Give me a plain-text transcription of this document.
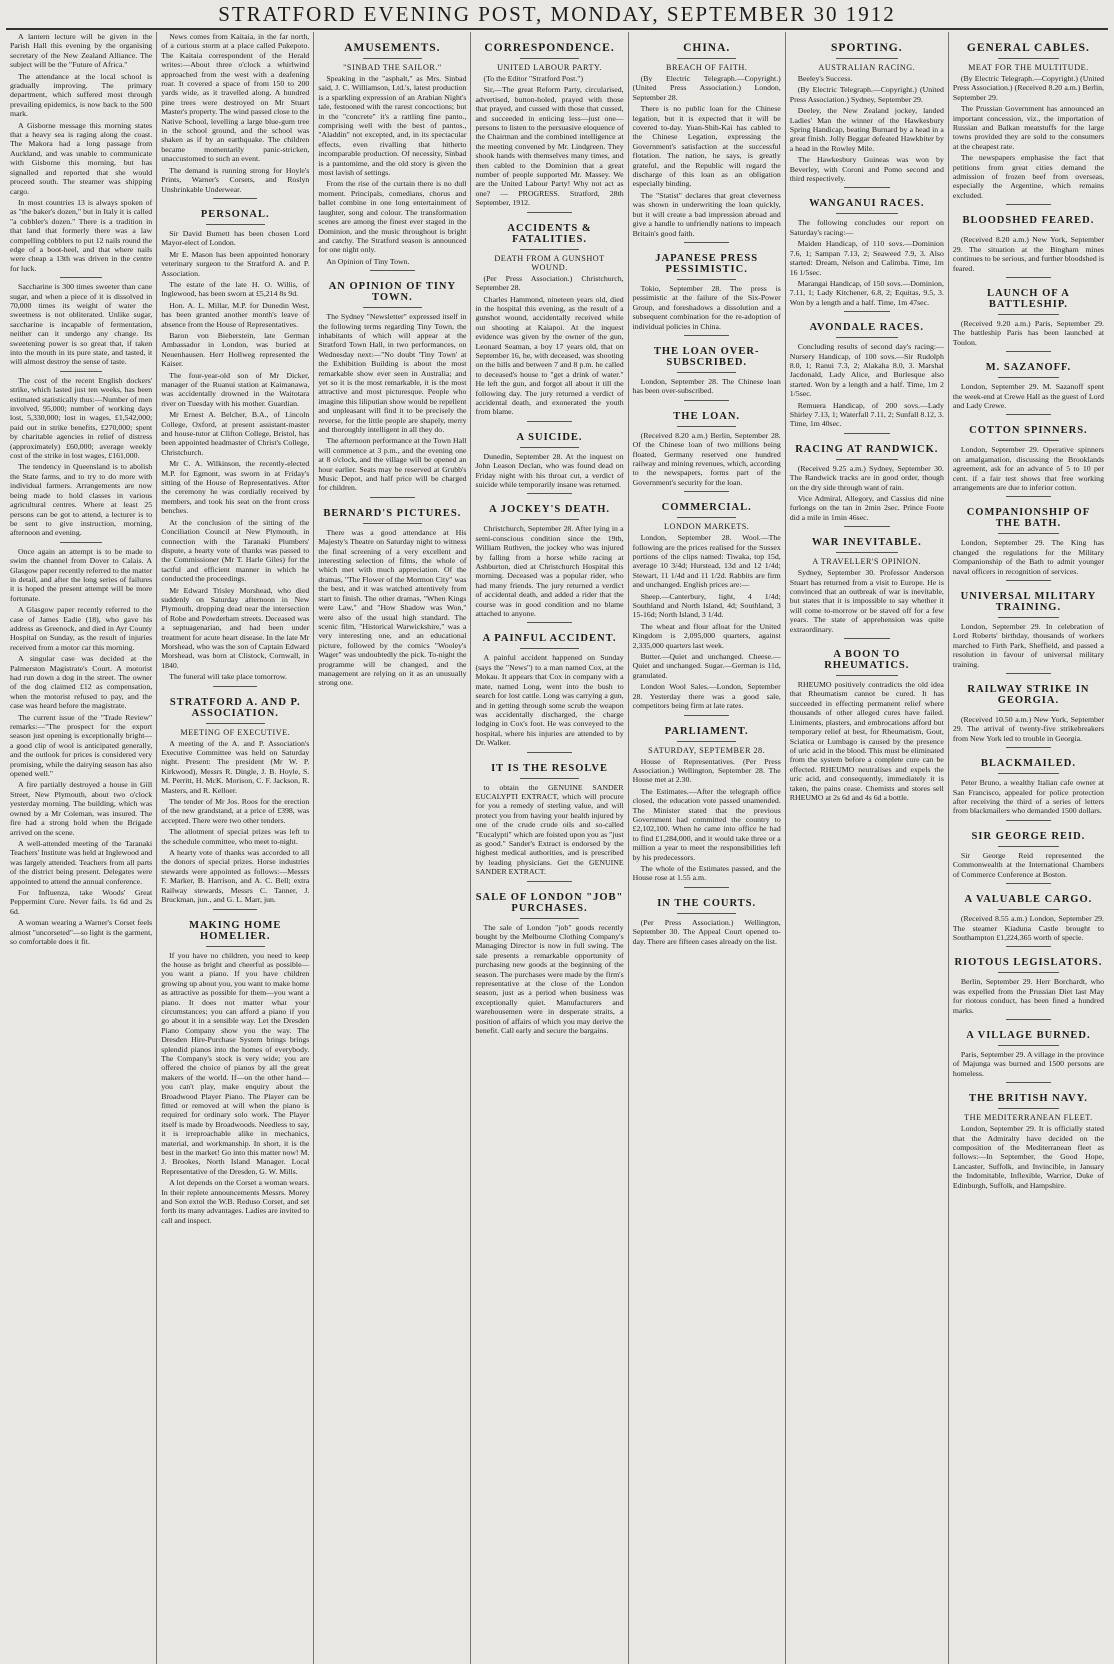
STRATFORD EVENING POST, MONDAY, SEPTEMBER 30 1912

A lantern lecture will be given in the Parish Hall this evening by the organising secretary of the New Zealand Alliance. The subject will be the "Future of Africa."

The attendance at the local school is gradually improving. The primary department, which suffered most through prevailing epidemics, is now back to the 500 mark.

A Gisborne message this morning states that a heavy sea is raging along the coast. The Makora had a long passage from Auckland, and was unable to communicate with Gisborne this morning, but has signalled and reported that she would proceed south. The steamer was shipping cargo.

In most countries 13 is always spoken of as "the baker's dozen," but in Italy it is called "a cobbler's dozen." There is a tradition in that land that formerly there was a law compelling cobblers to put 12 nails round the edge of a boot-heel, and that where nails were cheap a 13th was driven in the centre for luck.

Saccharine is 300 times sweeter than cane sugar, and when a piece of it is dissolved in 70,000 times its weight of water the sweetness is not obliterated. Unlike sugar, saccharine is incapable of fermentation, neither can it undergo any change. Its sweetening power is so great that, if taken into the mouth in its pure state, and tasted, it will almost destroy the sense of taste.

The cost of the recent English dockers' strike, which lasted just ten weeks, has been estimated statistically thus:—Number of men involved, 95,000; number of working days lost, 5,330,000; lost in wages, £1,542,000; paid out in strike benefits, £270,000; spent by charitable agencies in relief of distress (approximately) £60,000; average weekly cost of the strike in lost wages, £161,000.

The tendency in Queensland is to abolish the State farms, and to try to do more with individual farmers. Arrangements are now being made to hold classes in various agricultural centres. Where at least 25 persons can be got to attend, a lecturer is to be sent to give instruction, morning, afternoon and evening.

Once again an attempt is to be made to swim the channel from Dover to Calais. A Glasgow paper recently referred to the matter in detail, and after the long series of failures it is hoped the present attempt will be more fortunate.

A Glasgow paper recently referred to the case of James Eadie (18), who gave his address as Greenock, and died in Ayr County Hospital on Sunday, as the result of injuries received from a motor car this morning.

A singular case was decided at the Palmerston Magistrate's Court. A motorist had run down a dog in the street. The owner of the dog claimed £12 as compensation, when the motorist refused to pay, and the case was heard before the magistrate.

The current issue of the "Trade Review" remarks:—"The prospect for the export season just opening is exceptionally bright—a good clip of wool is anticipated generally, and the outlook for prices is considered very promising, while the dairying season has also opened well."

A fire partially destroyed a house in Gill Street, New Plymouth, about two o'clock yesterday morning. The building, which was owned by a Mr Coleman, was insured. The fire had a strong hold when the Brigade arrived on the scene.

A well-attended meeting of the Taranaki Teachers' Institute was held at Inglewood and was largely attended. Teachers from all parts of the district being present. Delegates were appointed to attend the annual conference.

For Influenza, take Woods' Great Peppermint Cure. Never fails. 1s 6d and 2s 6d.

A woman wearing a Warner's Corset feels almost "uncorseted"—so light is the garment, so comfortable does it fit.

News comes from Kaitaia, in the far north, of a curious storm at a place called Pukepoto. The Kaitaia correspondent of the Herald writes:—About three o'clock a whirlwind approached from the west with a deafening roar. It covered a space of from 150 to 200 yards wide, as it travelled along. A hundred pine trees were destroyed on Mr Stuart Master's property. The wind passed close to the Native School, levelling a large blue-gum tree in the school ground, and the school was shaken as if by an earthquake. The children became momentarily panic-stricken, unaccustomed to such an event.

The demand is running strong for Hoyle's Prints, Warner's Corsets, and Roslyn Unshrinkable Underwear.

PERSONAL.

Sir David Burnett has been chosen Lord Mayor-elect of London.

Mr E. Mason has been appointed honorary veterinary surgeon to the Stratford A. and P. Association.

The estate of the late H. O. Willis, of Inglewood, has been sworn at £5,214 8s 9d.

Hon. A. L. Millar, M.P. for Dunedin West, has been granted another month's leave of absence from the House of Representatives.

Baron von Bieberstein, late German Ambassador in London, was buried at Neuenhausen. Herr Hollweg represented the Kaiser.

The four-year-old son of Mr Dicker, manager of the Ruanui station at Kaimanawa, was accidentally drowned in the Waitotara river on Tuesday with his mother. Guardian.

Mr Ernest A. Belcher, B.A., of Lincoln College, Oxford, at present assistant-master and house-tutor at Clifton College, Bristol, has been appointed headmaster of Christ's College, Christchurch.

Mr C. A. Wilkinson, the recently-elected M.P. for Egmont, was sworn in at Friday's sitting of the House of Representatives. After the ceremony he was cordially received by members, and took his seat on the front cross benches.

At the conclusion of the sitting of the Conciliation Council at New Plymouth, in connection with the Taranaki Plumbers' dispute, a hearty vote of thanks was passed to the Commissioner (Mr T. Harle Giles) for the tactful and efficient manner in which he conducted the proceedings.

Mr Edward Trisley Morshead, who died suddenly on Saturday afternoon in New Plymouth, dropping dead near the intersection of Robe and Powderham streets. Deceased was a septuagenarian, and had been under treatment for acute heart disease. In the late Mr Morshead, who was the son of Captain Edward Morshead, was born at Clistock, Cornwall, in 1840.

The funeral will take place tomorrow.

STRATFORD A. AND P. ASSOCIATION.
MEETING OF EXECUTIVE.

A meeting of the A. and P. Association's Executive Committee was held on Saturday night. Present: The president (Mr W. P. Kirkwood), Messrs R. Dingle, J. B. Hoyle, S. M. Perritt, H. McK. Morison, C. F. Jackson, R. Masters, and R. Kelloer.

The tender of Mr Jos. Roos for the erection of the new grandstand, at a price of £398, was accepted. There were two other tenders.

The allotment of special prizes was left to the schedule committee, who meet to-night.

A hearty vote of thanks was accorded to all the donors of special prizes. Horse industries stewards were appointed as follows:—Messrs F. Marker, B. Harrison, and A. C. Bell; extra Railway stewards, Messrs C. Tanner, J. Bruckman, jun., and G. L. Marr, jun.

MAKING HOME HOMELIER.

If you have no children, you need to keep the house as bright and cheerful as possible—you want a piano. If you have children growing up about you, you want to make home as attractive as possible for them—you want a piano. It does not matter what your circumstances; you can afford a piano if you go about it in a sensible way. Let the Dresden Piano Company show you the way. The Dresden Hire-Purchase System brings brings splendid pianos into the homes of everybody. The Company's stock is very wide; you are offered the choice of pianos by all the great makers of the world. If—on the other hand—you can't play, make enquiry about the Broadwood Player Piano. The Player can be fitted or removed at will when the piano is required for ordinary solo work. The Player itself is made by Broadwoods. Needless to say, it is irreproachable alike in mechanics, material, and workmanship. In short, it is the best in the market! Go into this matter now! M. J. Brookes, North Island Manager. Local Representative of the Dresden, G. W. Mills.

A lot depends on the Corset a woman wears. In their replete announcements Messrs. Morey and Son extol the W.B. Reduso Corset, and set forth its many advantages. Ladies are invited to call and inspect.

AMUSEMENTS.
"SINBAD THE SAILOR."

Speaking in the "asphalt," as Mrs. Sinbad said, J. C. Williamson, Ltd.'s, latest production is a sparkling expression of an Arabian Night's tale, festooned with the rarest concoctions; but in the "concrete" it's a rattling fine panto., comprising well with the best of pantos., "Aladdin" not excepted, and, in its spectacular effects, even rivalling that hitherto incomparable production. Of necessity, Sinbad is a pantomime, and the old story is given the most lavish of settings.

From the rise of the curtain there is no dull moment. Principals, comedians, chorus and ballet combine in one long entertainment of laughter, song and colour. The transformation scenes are among the finest ever staged in the Dominion, and the music throughout is bright and catchy. The Stratford season is announced for one night only.

An Opinion of Tiny Town.

AN OPINION OF TINY TOWN.

The Sydney "Newsletter" expressed itself in the following terms regarding Tiny Town, the inhabitants of which will appear at the Stratford Town Hall, in two performances, on Wednesday next:—"No doubt 'Tiny Town' at the Exhibition Building is about the most remarkable show ever seen in Australia; and yet so it is the most remarkable, it is the most attractive and most picturesque. People who imagine this liliputian show would be repellent and unpleasant will find it to be precisely the reverse, for the little people are shapely, merry and thoroughly intelligent in all they do.

The afternoon performance at the Town Hall will commence at 3 p.m., and the evening one at 8 o'clock, and the village will be opened an hour earlier. Seats may be reserved at Grubb's Music Depot, and half price will be charged for children.

BERNARD'S PICTURES.

There was a good attendance at His Majesty's Theatre on Saturday night to witness the final screening of a very excellent and interesting selection of films, the whole of which met with much appreciation. Of the dramas, "The Flower of the Mormon City" was the best, and it was watched attentively from start to finish. The other dramas, "When Kings were Law," and "How Shadow was Won," were also of the usual high standard. The scenic film, "Historical Warwickshire," was a very interesting one, and an educational picture, followed by the comics "Wooley's Wager" was undoubtedly the pick. To-night the programme will be changed, and the management are relying on it as an unusually strong one.

CORRESPONDENCE.
UNITED LABOUR PARTY.

(To the Editor "Stratford Post.")

Sir,—The great Reform Party, circularised, advertised, button-holed, prayed with those that prayed, and cussed with those that cussed, and succeeded in enticing less—just one—persons to listen to the persuasive eloquence of the Chairman and the combined intelligence at the meeting convened by Mr. Lindgreen. They shook hands with themselves many times, and then cabled to the Dominion that a great number of people supported Mr. Massey. We are the United Labour Party! Why not act as one? — PROGRESS. Stratford, 28th September, 1912.

ACCIDENTS & FATALITIES.
DEATH FROM A GUNSHOT WOUND.

(Per Press Association.) Christchurch, September 28.

Charles Hammond, nineteen years old, died in the hospital this evening, as the result of a gunshot wound, accidentally received while out shooting at Kaiapoi. At the inquest evidence was given by the owner of the gun, Leonard Seaman, a boy 17 years old, that on September 16, he, with deceased, was shooting on the hills and between 7 and 8 p.m. he called to deceased's house to "get a drink of water." He left the gun, and forgot all about it till the following day. The jury returned a verdict of accidental death, and exonerated the youth from blame.

A SUICIDE.

Dunedin, September 28. At the inquest on John Leason Declan, who was found dead on Friday night with his throat cut, a verdict of suicide while temporarily insane was returned.

A JOCKEY'S DEATH.

Christchurch, September 28. After lying in a semi-conscious condition since the 19th, William Ruthven, the jockey who was injured by falling from a horse while racing at Ashburton, died at Christchurch Hospital this morning. Deceased was a popular rider, who had many friends. The jury returned a verdict of accidental death, and added a rider that the course was in good condition and no blame attached to anyone.

A PAINFUL ACCIDENT.

A painful accident happened on Sunday (says the "News") to a man named Cox, at the Mokau. It appears that Cox in company with a mate, named Long, went into the bush to search for lost cattle. Long was carrying a gun, and in getting through some scrub the weapon was accidentally discharged, the charge lodging in Cox's foot. He was conveyed to the hospital, where his injuries are attended to by Dr. Walker.

IT IS THE RESOLVE

to obtain the GENUINE SANDER EUCALYPTI EXTRACT, which will procure for you a remedy of sterling value, and will protect you from having your health injured by one of the crude crude oils and so-called "Eucalypti" which are foisted upon you as "just as good." Sander's Extract is endorsed by the highest medical authorities, and is prescribed by leading physicians. Get the GENUINE SANDER EXTRACT.

SALE OF LONDON "JOB" PURCHASES.

The sale of London "job" goods recently bought by the Melbourne Clothing Company's Managing Director is now in full swing. The sale presents a remarkable opportunity of purchasing new goods at the beginning of the season. The purchases were made by the firm's representative at the close of the London season, just as a period when business was exceptionally quiet. Manufacturers and warehousemen were in desperate straits, a position of affairs of which you may derive the benefit. Call early and secure the bargains.

CHINA.
BREACH OF FAITH.

(By Electric Telegraph.—Copyright.) (United Press Association.) London, September 28.

There is no public loan for the Chinese legation, but it is expected that it will be covered to-day. Yuan-Shih-Kai has cabled to the Chinese Legation, expressing the Government's satisfaction at the successful flotation. The nation, he says, is greatly grateful, and the Republic will regard the discharge of this loan as an obligation especially binding.

The "Statist" declares that great cleverness was shown in underwriting the loan quickly, but it will create a bad impression abroad and give a handle to unfriendly nations to impeach Britain's good faith.

JAPANESE PRESS PESSIMISTIC.

Tokio, September 28. The press is pessimistic at the failure of the Six-Power Group, and foreshadows a dissolution and a subsequent combination for the re-adoption of individual policies in China.

THE LOAN OVER-SUBSCRIBED.

London, September 28. The Chinese loan has been over-subscribed.

THE LOAN.

(Received 8.20 a.m.) Berlin, September 28. Of the Chinese loan of two millions being floated, Germany reserved one hundred railway and mining revenues, which, according to the newspapers, forms part of the Government's security for the loan.

COMMERCIAL.
LONDON MARKETS.

London, September 28. Wool.—The following are the prices realised for the Sussex portions of the clips named: Tiwaka, top 15d, average 10 3/4d; Hurstead, 13d and 12 1/4d; Stewart, 11 1/4d and 11 1/2d. Rabbits are firm and unchanged. English prices are:—

Sheep.—Canterbury, light, 4 1/4d; Southland and North Island, 4d; Southland, 3 15-16d; North Island, 3 1/4d.

The wheat and flour afloat for the United Kingdom is 2,095,000 quarters, against 2,335,000 quarters last week.

Butter.—Quiet and unchanged. Cheese.—Quiet and unchanged. Sugar.—German is 11d, granulated.

London Wool Sales.—London, September 28. Yesterday there was a good sale, competitors being firm at late rates.

PARLIAMENT.
SATURDAY, SEPTEMBER 28.

House of Representatives. (Per Press Association.) Wellington, September 28. The House met at 2.30.

The Estimates.—After the telegraph office closed, the education vote passed unamended. The Minister stated that the previous Government had committed the country to £2,102,100. When he came into office he had to find £1,284,000, and it would take three or a million a year to meet the responsibilities left by his predecessors.

The whole of the Estimates passed, and the House rose at 1.55 a.m.

IN THE COURTS.

(Per Press Association.) Wellington, September 30. The Appeal Court opened to-day. There are fifteen cases already on the list.

SPORTING.
AUSTRALIAN RACING.

Beeley's Success.

(By Electric Telegraph.—Copyright.) (United Press Association.) Sydney, September 29.

Deeley, the New Zealand jockey, landed Ladies' Man the winner of the Hawkesbury Spring Handicap, beating Burnard by a head in a great finish. Jolly Beggar defeated Hawkbiter by a head in the Rowley Mile.

The Hawkesbury Guineas was won by Beverley, with Coroni and Pomo second and third respectively.

WANGANUI RACES.

The following concludes our report on Saturday's racing:—

Maiden Handicap, of 110 sovs.—Dominion 7.6, 1; Sampan 7.13, 2; Seaweed 7.9, 3. Also started: Dream, Nelson and Calimba. Time, 1m 16 1/5sec.

Marangai Handicap, of 150 sovs.—Dominion, 7.11, 1; Lady Kitchener, 6.8, 2; Equitas, 9.5, 3. Won by a length and a half. Time, 1m 47sec.

AVONDALE RACES.

Concluding results of second day's racing:—Nursery Handicap, of 100 sovs.—Sir Rudolph 8.0, 1; Ranui 7.3, 2; Alakaha 8.0, 3. Marshal Jacdonald, Lady Alice, and Burlesque also started. Won by a length and a half. Time, 1m 2 1/5sec.

Remuera Handicap, of 200 sovs.—Lady Shirley 7.13, 1; Waterfall 7.11, 2; Sunfall 8.12, 3. Time, 1m 40sec.

RACING AT RANDWICK.

(Received 9.25 a.m.) Sydney, September 30. The Randwick tracks are in good order, though on the dry side through want of rain.

Vice Admiral, Allegory, and Cassius did nine furlongs on the tan in 2min 2sec. Prince Foote did a mile in 1min 46sec.

WAR INEVITABLE.
A TRAVELLER'S OPINION.

Sydney, September 30. Professor Anderson Stuart has returned from a visit to Europe. He is convinced that an outbreak of war is inevitable, but states that it is impossible to say whether it will come to-morrow or be staved off for a few years. The state of apprehension was quite extraordinary.

A BOON TO RHEUMATICS.

RHEUMO positively contradicts the old idea that Rheumatism cannot be cured. It has succeeded in effecting permanent relief where thousands of other alleged cures have failed. Liniments, plasters, and embrocations afford but temporary relief at best, for Rheumatism, Gout, Sciatica or Lumbago is caused by the presence of uric acid in the blood. This must be eliminated from the system before a complete cure can be effected. RHEUMO neutralises and expels the uric acid, and consequently, immediately it is taken, the pains cease. Chemists and stores sell RHEUMO at 2s 6d and 4s 6d a bottle.

GENERAL CABLES.
MEAT FOR THE MULTITUDE.

(By Electric Telegraph.—Copyright.) (United Press Association.) (Received 8.20 a.m.) Berlin, September 29.

The Prussian Government has announced an important concession, viz., the importation of Russian and Balkan meatstuffs for the large towns provided they are sold to the consumers at the cheapest rate.

The newspapers emphasise the fact that petitions from great cities demand the admission of frozen beef from overseas, especially the Argentine, which remains excluded.

BLOODSHED FEARED.

(Received 8.20 a.m.) New York, September 29. The situation at the Bingham mines continues to be serious, and further bloodshed is feared.

LAUNCH OF A BATTLESHIP.

(Received 9.20 a.m.) Paris, September 29. The battleship Paris has been launched at Toulon.

M. SAZANOFF.

London, September 29. M. Sazanoff spent the week-end at Crewe Hall as the guest of Lord and Lady Crewe.

COTTON SPINNERS.

London, September 29. Operative spinners on amalgamation, discussing the Brooklands agreement, ask for an advance of 5 to 10 per cent. if a fair test shows that free working arrangements are due to inferior cotton.

COMPANIONSHIP OF THE BATH.

London, September 29. The King has changed the regulations for the Military Companionship of the Bath to admit younger naval officers in recognition of services.

UNIVERSAL MILITARY TRAINING.

London, September 29. In celebration of Lord Roberts' birthday, thousands of workers marched to Firth Park, Sheffield, and passed a resolution in favour of universal military training.

RAILWAY STRIKE IN GEORGIA.

(Received 10.50 a.m.) New York, September 29. The arrival of twenty-five strikebreakers from New York led to trouble in Georgia.

BLACKMAILED.

Peter Bruno, a wealthy Italian cafe owner at San Francisco, appealed for police protection after receiving the third of a series of letters from blackmailers who demanded 1500 dollars.

SIR GEORGE REID.

Sir George Reid represented the Commonwealth at the International Chambers of Commerce Conference at Boston.

A VALUABLE CARGO.

(Received 8.55 a.m.) London, September 29. The steamer Kiaduna Castle brought to Southampton £1,224,365 worth of specie.

RIOTOUS LEGISLATORS.

Berlin, September 29. Herr Borchardt, who was expelled from the Prussian Diet last May for riotous conduct, has been fined a hundred marks.

A VILLAGE BURNED.

Paris, September 29. A village in the province of Majunga was burned and 1500 persons are homeless.

THE BRITISH NAVY.
THE MEDITERRANEAN FLEET.

London, September 29. It is officially stated that the Admiralty have decided on the composition of the Mediterranean fleet as follows:—In September, the Good Hope, Lancaster, Suffolk, and Invincible, in January the Indomitable, Inflexible, Warrior, Duke of Edinburgh, Suffolk, and Hampshire.
